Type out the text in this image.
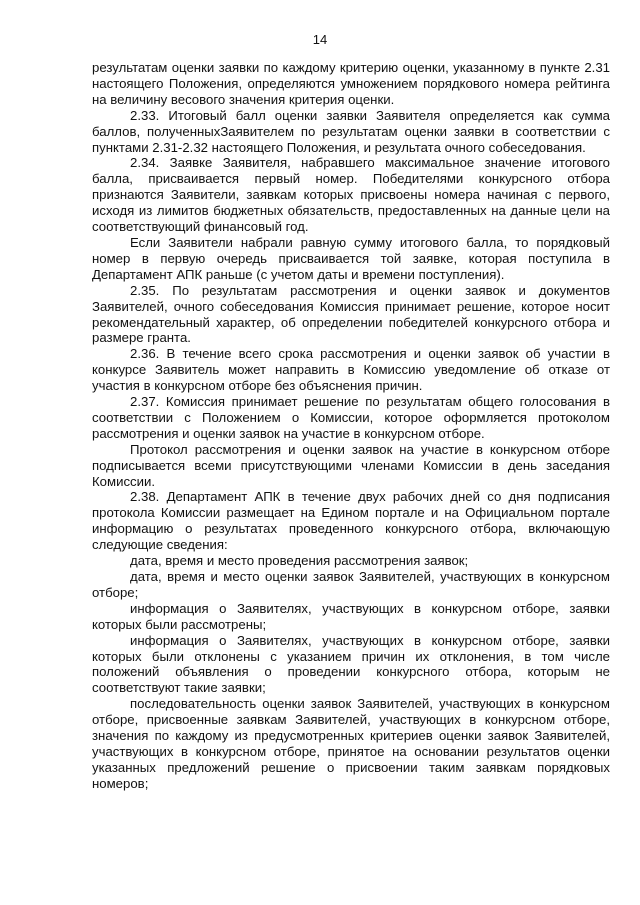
14

результатам оценки заявки по каждому критерию оценки, указанному в пункте 2.31 настоящего Положения, определяются умножением порядкового номера рейтинга на величину весового значения критерия оценки.

2.33. Итоговый балл оценки заявки Заявителя определяется как сумма баллов, полученныхЗаявителем по результатам оценки заявки в соответствии с пунктами 2.31-2.32 настоящего Положения, и результата очного собеседования.

2.34. Заявке Заявителя, набравшего максимальное значение итогового балла, присваивается первый номер. Победителями конкурсного отбора признаются Заявители, заявкам которых присвоены номера начиная с первого, исходя из лимитов бюджетных обязательств, предоставленных на данные цели на соответствующий финансовый год.

Если Заявители набрали равную сумму итогового балла, то порядковый номер в первую очередь присваивается той заявке, которая поступила в Департамент АПК раньше (с учетом даты и времени поступления).

2.35. По результатам рассмотрения и оценки заявок и документов Заявителей, очного собеседования Комиссия принимает решение, которое носит рекомендательный характер, об определении победителей конкурсного отбора и размере гранта.

2.36. В течение всего срока рассмотрения и оценки заявок об участии в конкурсе Заявитель может направить в Комиссию уведомление об отказе от участия в конкурсном отборе без объяснения причин.

2.37. Комиссия принимает решение по результатам общего голосования в соответствии с Положением о Комиссии, которое оформляется протоколом рассмотрения и оценки заявок на участие в конкурсном отборе.

Протокол рассмотрения и оценки заявок на участие в конкурсном отборе подписывается всеми присутствующими членами Комиссии в день заседания Комиссии.

2.38. Департамент АПК в течение двух рабочих дней со дня подписания протокола Комиссии размещает на Едином портале и на Официальном портале информацию о результатах проведенного конкурсного отбора, включающую следующие сведения:

дата, время и место проведения рассмотрения заявок;

дата, время и место оценки заявок Заявителей, участвующих в конкурсном отборе;

информация о Заявителях, участвующих в конкурсном отборе, заявки которых были рассмотрены;

информация о Заявителях, участвующих в конкурсном отборе, заявки которых были отклонены с указанием причин их отклонения, в том числе положений объявления о проведении конкурсного отбора, которым не соответствуют такие заявки;

последовательность оценки заявок Заявителей, участвующих в конкурсном отборе, присвоенные заявкам Заявителей, участвующих в конкурсном отборе, значения по каждому из предусмотренных критериев оценки заявок Заявителей, участвующих в конкурсном отборе, принятое на основании результатов оценки указанных предложений решение о присвоении таким заявкам порядковых номеров;
